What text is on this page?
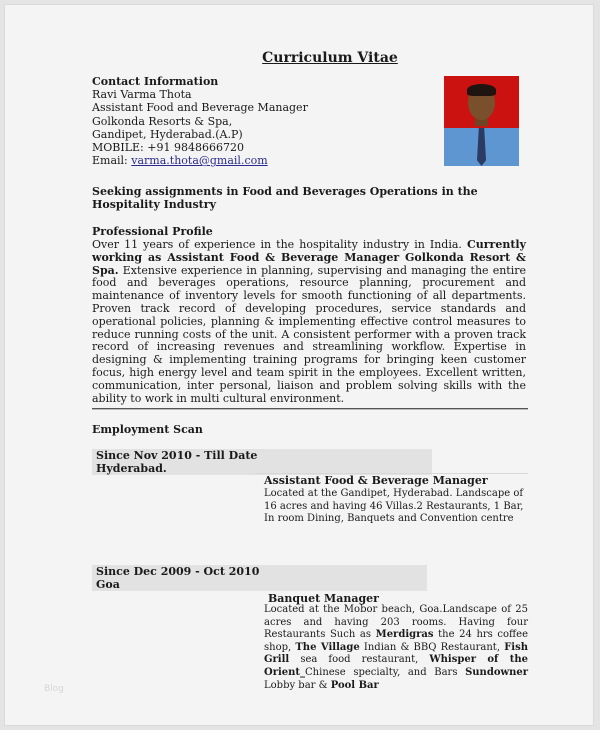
Curriculum Vitae
Contact Information
Ravi Varma Thota
Assistant Food and Beverage Manager
Golkonda Resorts & Spa,
Gandipet, Hyderabad.(A.P)
MOBILE: +91 9848666720
Email: varma.thota@gmail.com
Seeking assignments in Food and Beverages Operations in the Hospitality Industry
Professional Profile
Over 11 years of experience in the hospitality industry in India. Currently working as Assistant Food & Beverage Manager Golkonda Resort & Spa. Extensive experience in planning, supervising and managing the entire food and beverages operations, resource planning, procurement and maintenance of inventory levels for smooth functioning of all departments. Proven track record of developing procedures, service standards and operational policies, planning & implementing effective control measures to reduce running costs of the unit. A consistent performer with a proven track record of increasing revenues and streamlining workflow. Expertise in designing & implementing training programs for bringing keen customer focus, high energy level and team spirit in the employees. Excellent written, communication, inter personal, liaison and problem solving skills with the ability to work in multi cultural environment.
Employment Scan
Since Nov 2010 - Till Date
Hyderabad.
Assistant Food & Beverage Manager
Located at the Gandipet, Hyderabad. Landscape of 16 acres and having 46 Villas.2 Restaurants, 1 Bar, In room Dining, Banquets and Convention centre
Since Dec 2009 - Oct 2010
Goa
Banquet Manager
Located at the Mobor beach, Goa.Landscape of 25 acres and having 203 rooms. Having four Restaurants Such as Merdigras the 24 hrs coffee shop, The Village Indian & BBQ Restaurant, Fish Grill sea food restaurant, Whisper of the Orient_Chinese specialty, and Bars Sundowner Lobby bar & Pool Bar
Blog
